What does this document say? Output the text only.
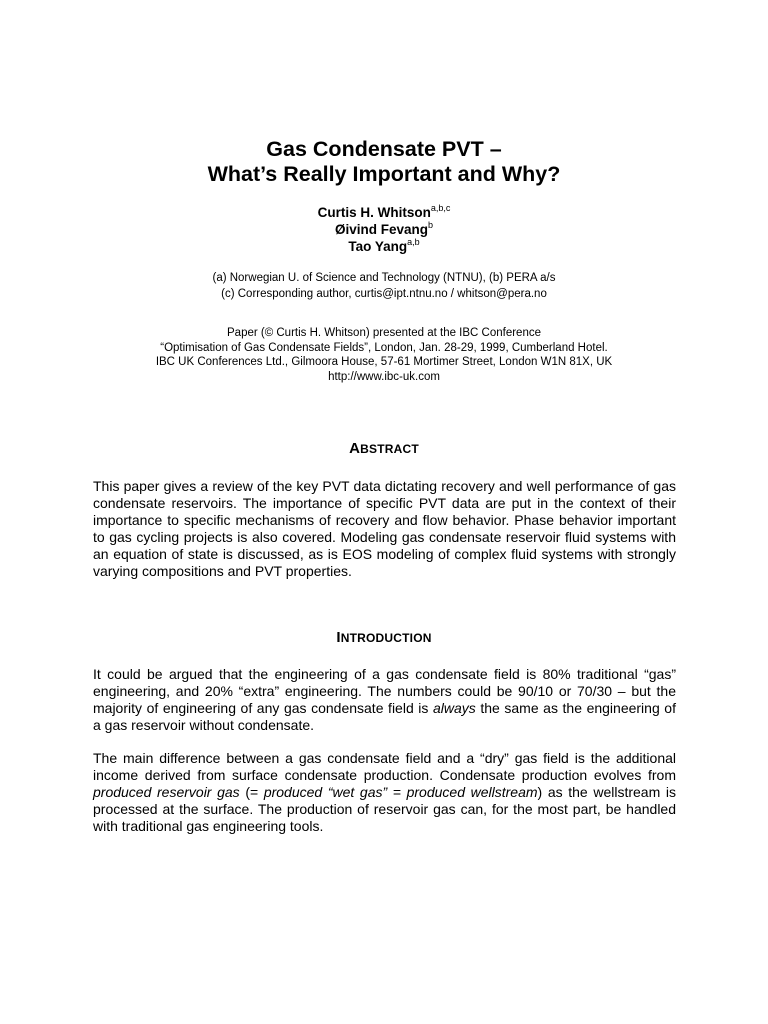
Gas Condensate PVT –
What’s Really Important and Why?
Curtis H. Whitson$^{a,b,c}$
Øivind Fevang$^b$
Tao Yang$^{a,b}$
(a) Norwegian U. of Science and Technology (NTNU), (b) PERA a/s
(c) Corresponding author, curtis@ipt.ntnu.no / whitson@pera.no
Paper (© Curtis H. Whitson) presented at the IBC Conference
“Optimisation of Gas Condensate Fields”, London, Jan. 28-29, 1999, Cumberland Hotel.
IBC UK Conferences Ltd., Gilmoora House, 57-61 Mortimer Street, London W1N 81X, UK
http://www.ibc-uk.com
ABSTRACT

This paper gives a review of the key PVT data dictating recovery and well performance of gas condensate reservoirs. The importance of specific PVT data are put in the context of their importance to specific mechanisms of recovery and flow behavior. Phase behavior important to gas cycling projects is also covered. Modeling gas condensate reservoir fluid systems with an equation of state is discussed, as is EOS modeling of complex fluid systems with strongly varying compositions and PVT properties.

INTRODUCTION

It could be argued that the engineering of a gas condensate field is 80% traditional “gas” engineering, and 20% “extra” engineering. The numbers could be 90/10 or 70/30 – but the majority of engineering of any gas condensate field is always the same as the engineering of a gas reservoir without condensate.

The main difference between a gas condensate field and a “dry” gas field is the additional income derived from surface condensate production. Condensate production evolves from produced reservoir gas (= produced “wet gas” = produced wellstream) as the wellstream is processed at the surface. The production of reservoir gas can, for the most part, be handled with traditional gas engineering tools.
